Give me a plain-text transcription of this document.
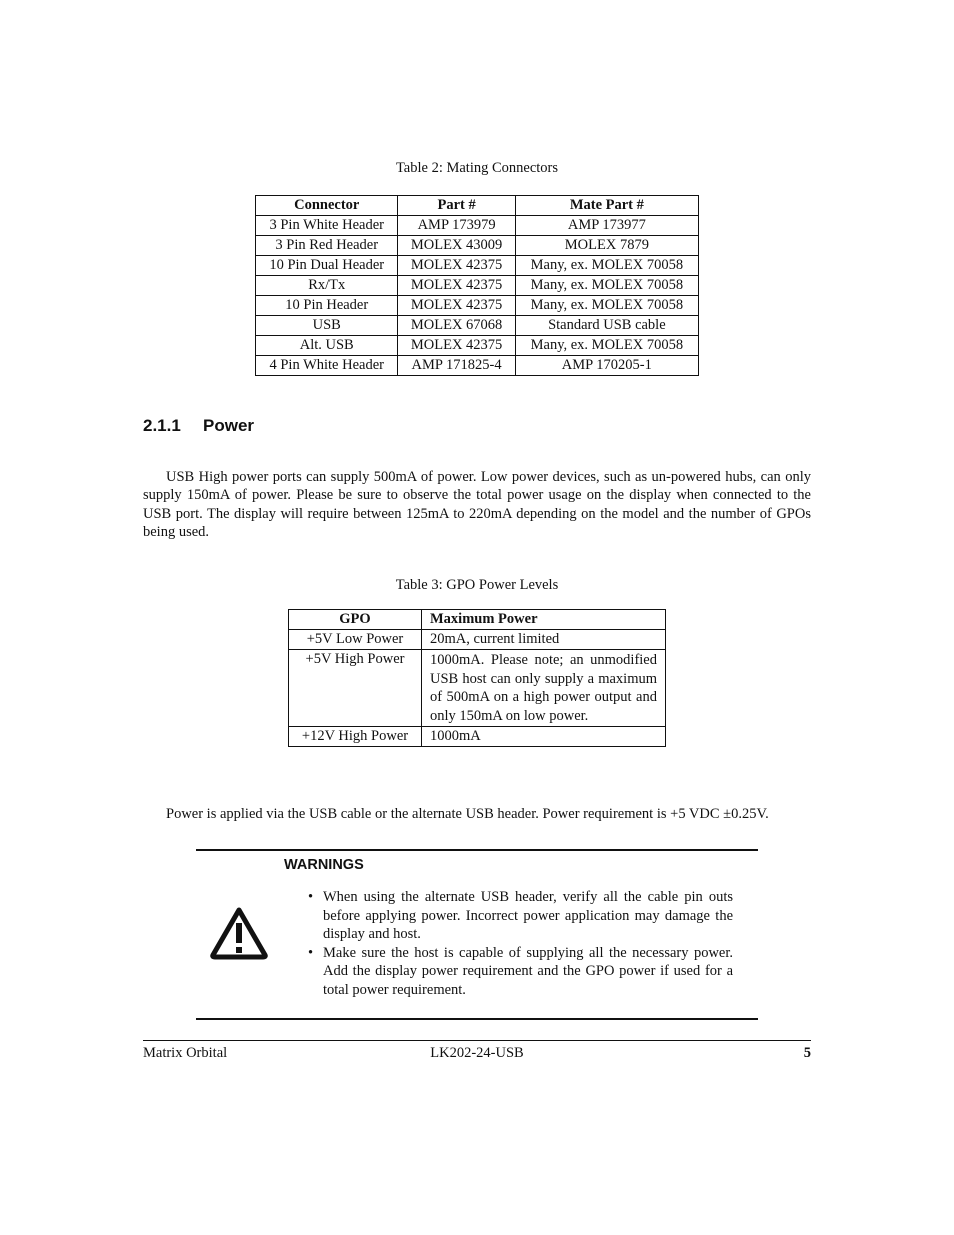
Table 2: Mating Connectors
Connector	Part #	Mate Part #
3 Pin White Header	AMP 173979	AMP 173977
3 Pin Red Header	MOLEX 43009	MOLEX 7879
10 Pin Dual Header	MOLEX 42375	Many, ex. MOLEX 70058
Rx/Tx	MOLEX 42375	Many, ex. MOLEX 70058
10 Pin Header	MOLEX 42375	Many, ex. MOLEX 70058
USB	MOLEX 67068	Standard USB cable
Alt. USB	MOLEX 42375	Many, ex. MOLEX 70058
4 Pin White Header	AMP 171825-4	AMP 170205-1
2.1.1 Power
USB High power ports can supply 500mA of power. Low power devices, such as un-powered hubs, can only supply 150mA of power. Please be sure to observe the total power usage on the display when connected to the USB port. The display will require between 125mA to 220mA depending on the model and the number of GPOs being used.
Table 3: GPO Power Levels
GPO	Maximum Power
+5V Low Power	20mA, current limited
+5V High Power	1000mA. Please note; an unmodified USB host can only supply a maximum of 500mA on a high power output and only 150mA on low power.
+12V High Power	1000mA
Power is applied via the USB cable or the alternate USB header. Power requirement is +5 VDC ±0.25V.
WARNINGS
• When using the alternate USB header, verify all the cable pin outs before applying power. Incorrect power application may damage the display and host.
• Make sure the host is capable of supplying all the necessary power. Add the display power requirement and the GPO power if used for a total power requirement.
Matrix Orbital	LK202-24-USB	5
